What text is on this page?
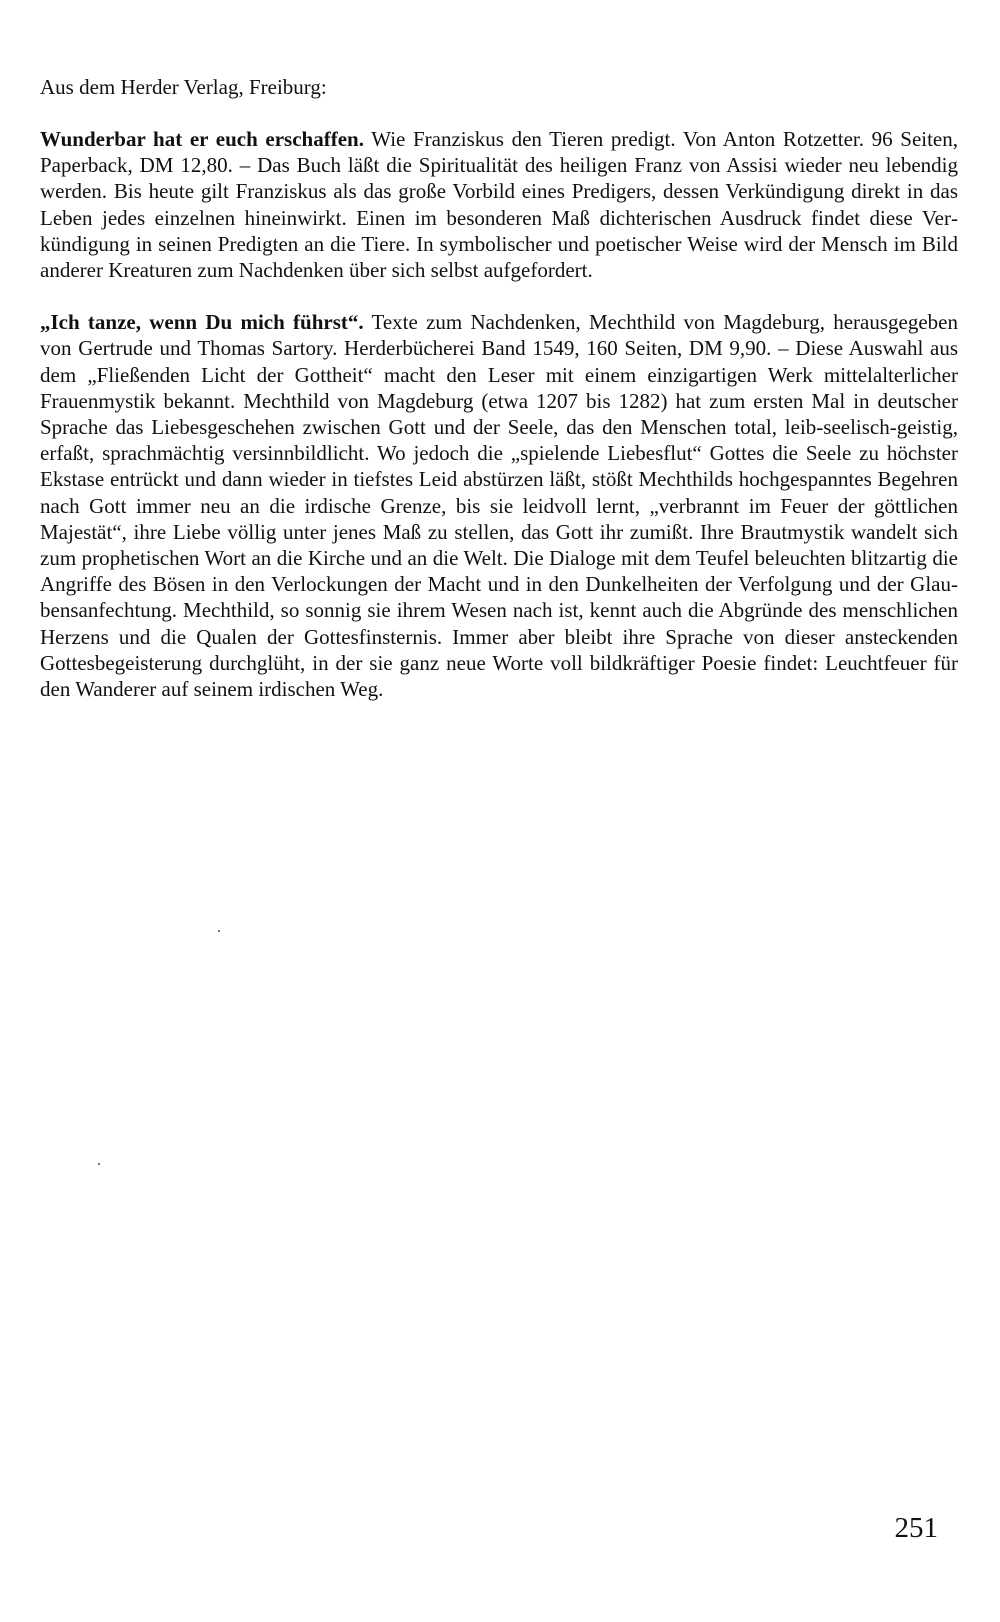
Aus dem Herder Verlag, Freiburg:

Wunderbar hat er euch erschaffen. Wie Franziskus den Tieren predigt. Von Anton Rotzetter. 96 Seiten, Paperback, DM 12,80. – Das Buch läßt die Spiritualität des heiligen Franz von Assisi wieder neu lebendig werden. Bis heute gilt Franziskus als das große Vorbild eines Predigers, dessen Verkündigung direkt in das Leben jedes einzelnen hineinwirkt. Einen im besonderen Maß dichterischen Ausdruck findet diese Verkündigung in seinen Predigten an die Tiere. In symbolischer und poetischer Weise wird der Mensch im Bild anderer Kreaturen zum Nachdenken über sich selbst aufgefordert.

„Ich tanze, wenn Du mich führst“. Texte zum Nachdenken, Mechthild von Magdeburg, herausgegeben von Gertrude und Thomas Sartory. Herderbücherei Band 1549, 160 Seiten, DM 9,90. – Diese Auswahl aus dem „Fließenden Licht der Gottheit“ macht den Leser mit einem einzigartigen Werk mittelalterlicher Frauenmystik bekannt. Mechthild von Magdeburg (etwa 1207 bis 1282) hat zum ersten Mal in deutscher Sprache das Liebesgeschehen zwischen Gott und der Seele, das den Menschen total, leib-seelisch-geistig, erfaßt, sprachmächtig versinnbildlicht. Wo jedoch die „spielende Liebesflut“ Gottes die Seele zu höchster Ekstase entrückt und dann wieder in tiefstes Leid abstürzen läßt, stößt Mechthilds hochgespanntes Begehren nach Gott immer neu an die irdische Grenze, bis sie leidvoll lernt, „verbrannt im Feuer der göttlichen Majestät“, ihre Liebe völlig unter jenes Maß zu stellen, das Gott ihr zumißt. Ihre Brautmystik wandelt sich zum prophetischen Wort an die Kirche und an die Welt. Die Dialoge mit dem Teufel beleuchten blitzartig die Angriffe des Bösen in den Verlockungen der Macht und in den Dunkelheiten der Verfolgung und der Glaubensanfechtung. Mechthild, so sonnig sie ihrem Wesen nach ist, kennt auch die Abgründe des menschlichen Herzens und die Qualen der Gottesfinsternis. Immer aber bleibt ihre Sprache von dieser ansteckenden Gottesbegeisterung durchglüht, in der sie ganz neue Worte voll bildkräftiger Poesie findet: Leuchtfeuer für den Wanderer auf seinem irdischen Weg.

251
